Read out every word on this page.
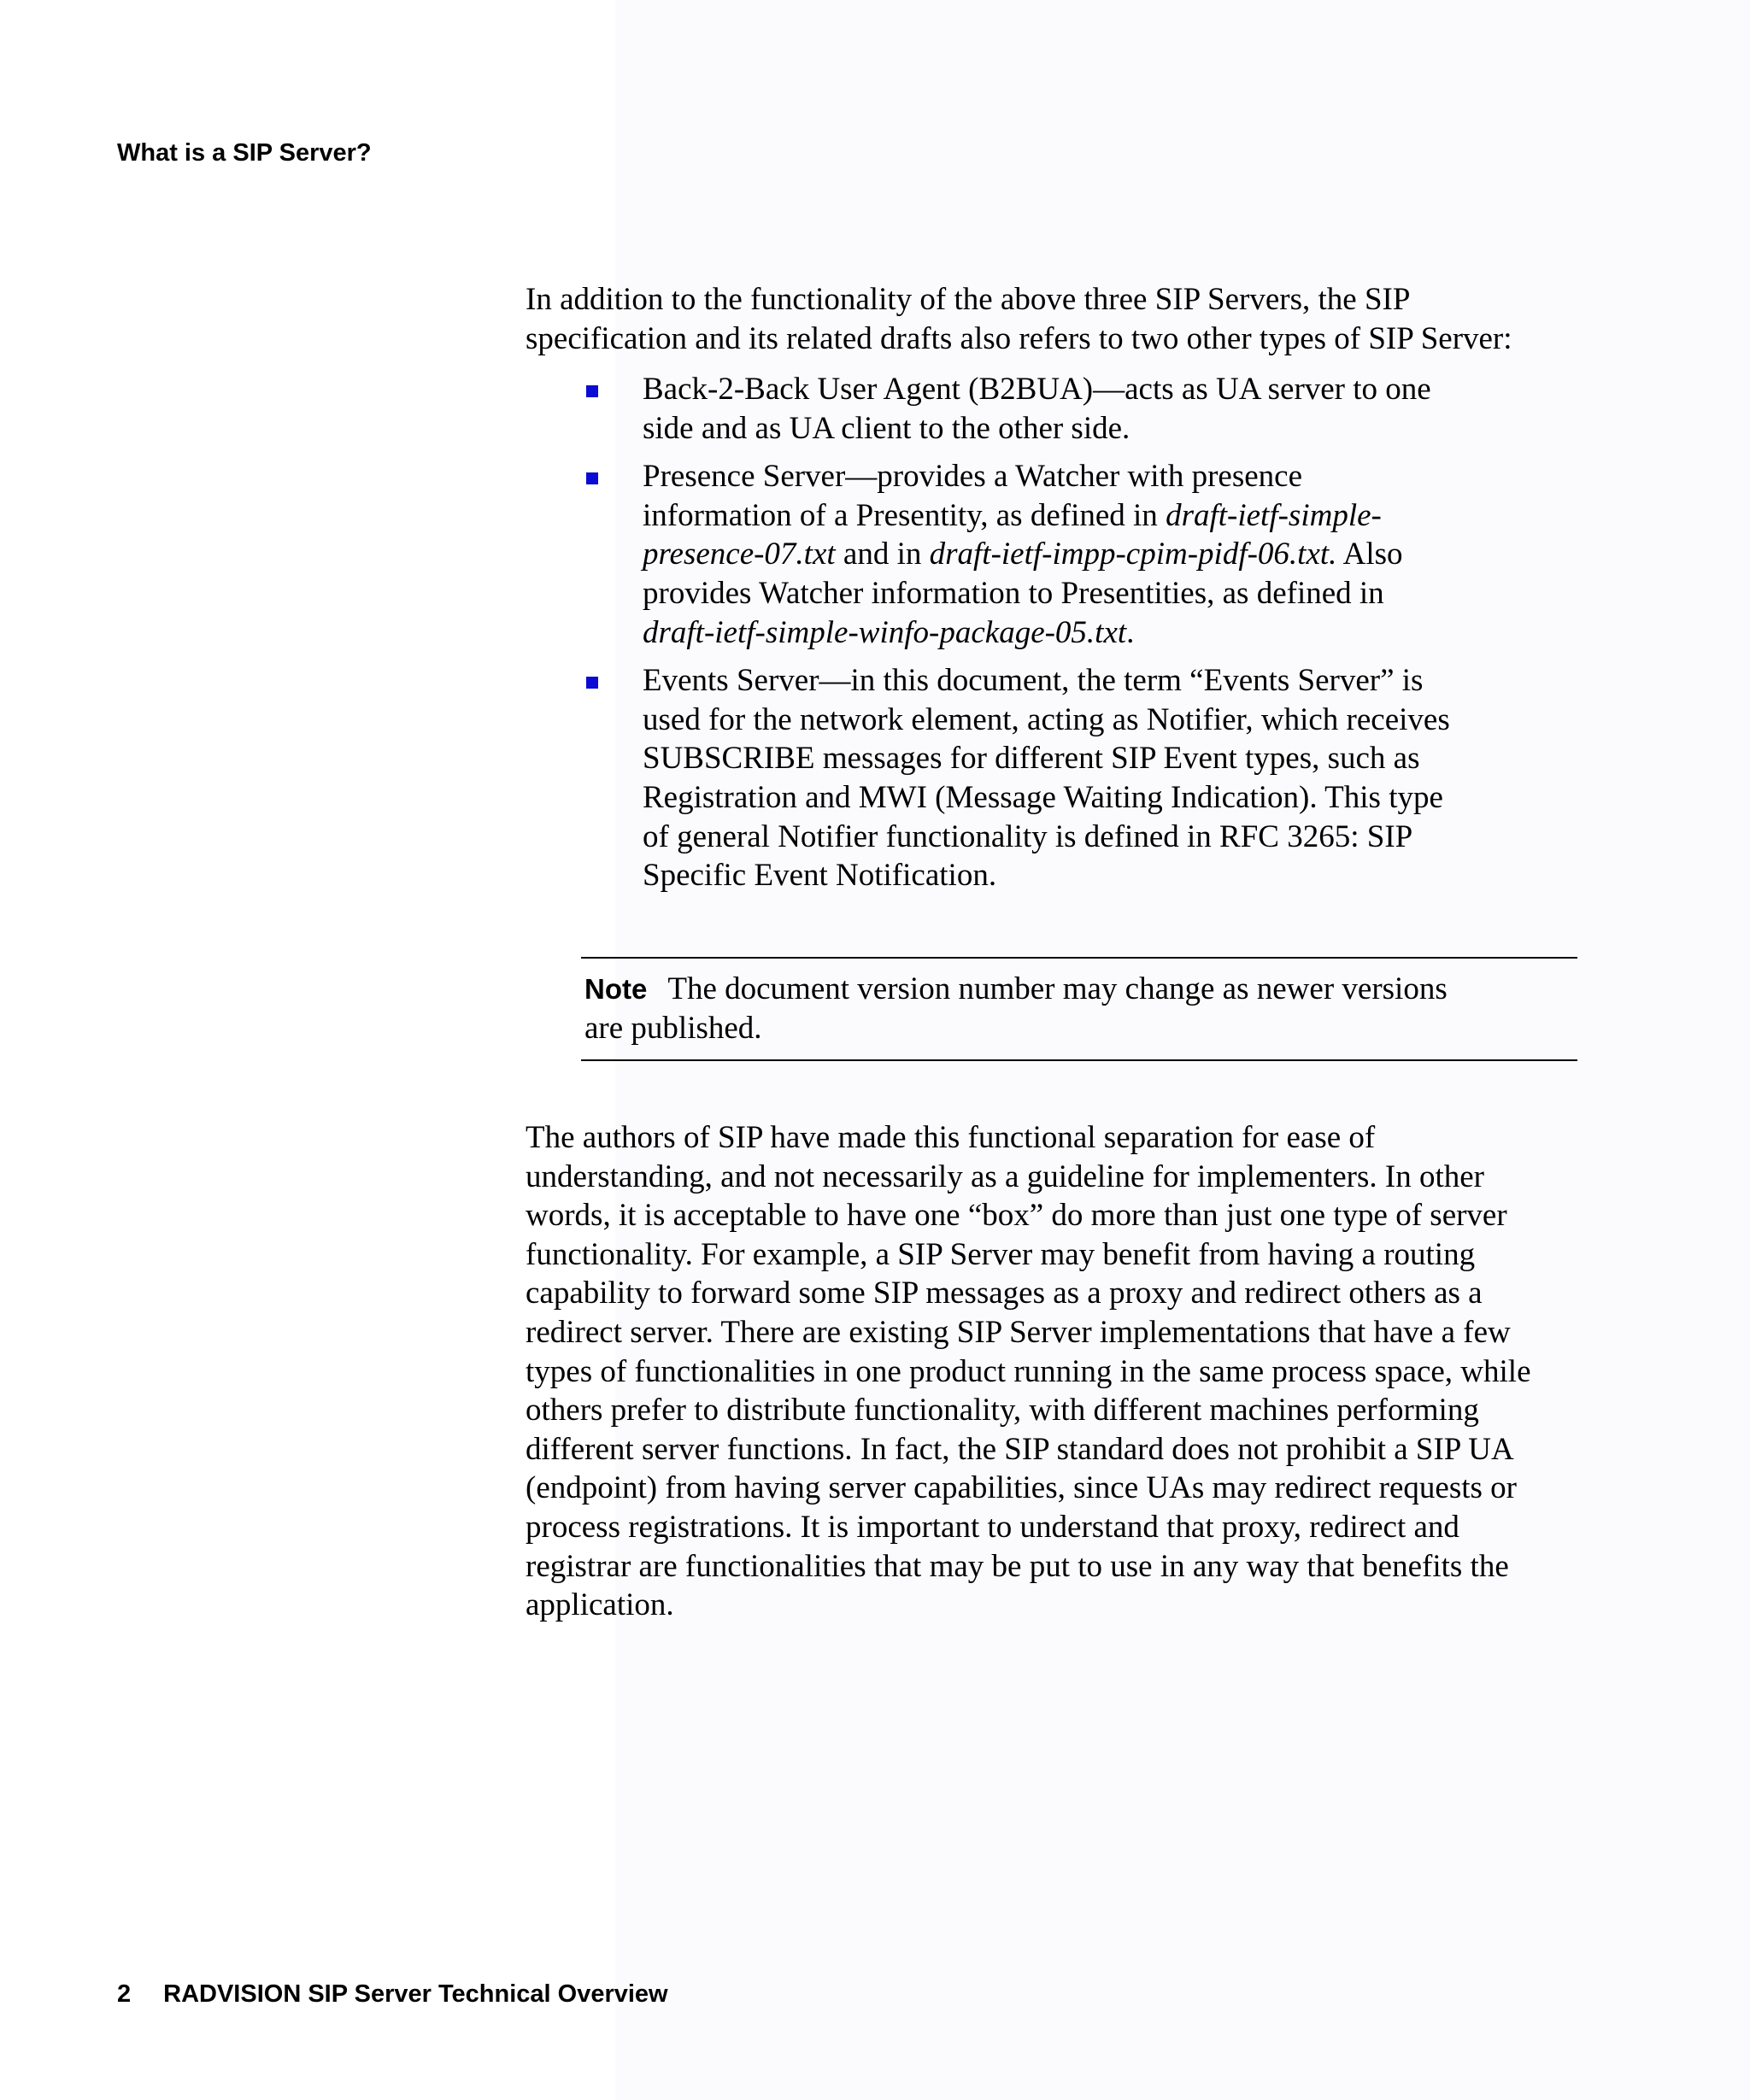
What is a SIP Server?

In addition to the functionality of the above three SIP Servers, the SIP
specification and its related drafts also refers to two other types of SIP Server:

Back-2-Back User Agent (B2BUA)—acts as UA server to one
side and as UA client to the other side.
Presence Server—provides a Watcher with presence
information of a Presentity, as defined in draft-ietf-simple-
presence-07.txt and in draft-ietf-impp-cpim-pidf-06.txt. Also
provides Watcher information to Presentities, as defined in
draft-ietf-simple-winfo-package-05.txt.
Events Server—in this document, the term “Events Server” is
used for the network element, acting as Notifier, which receives
SUBSCRIBE messages for different SIP Event types, such as
Registration and MWI (Message Waiting Indication). This type
of general Notifier functionality is defined in RFC 3265: SIP
Specific Event Notification.

Note The document version number may change as newer versions
are published.

The authors of SIP have made this functional separation for ease of
understanding, and not necessarily as a guideline for implementers. In other
words, it is acceptable to have one “box” do more than just one type of server
functionality. For example, a SIP Server may benefit from having a routing
capability to forward some SIP messages as a proxy and redirect others as a
redirect server. There are existing SIP Server implementations that have a few
types of functionalities in one product running in the same process space, while
others prefer to distribute functionality, with different machines performing
different server functions. In fact, the SIP standard does not prohibit a SIP UA
(endpoint) from having server capabilities, since UAs may redirect requests or
process registrations. It is important to understand that proxy, redirect and
registrar are functionalities that may be put to use in any way that benefits the
application.

2 RADVISION SIP Server Technical Overview
